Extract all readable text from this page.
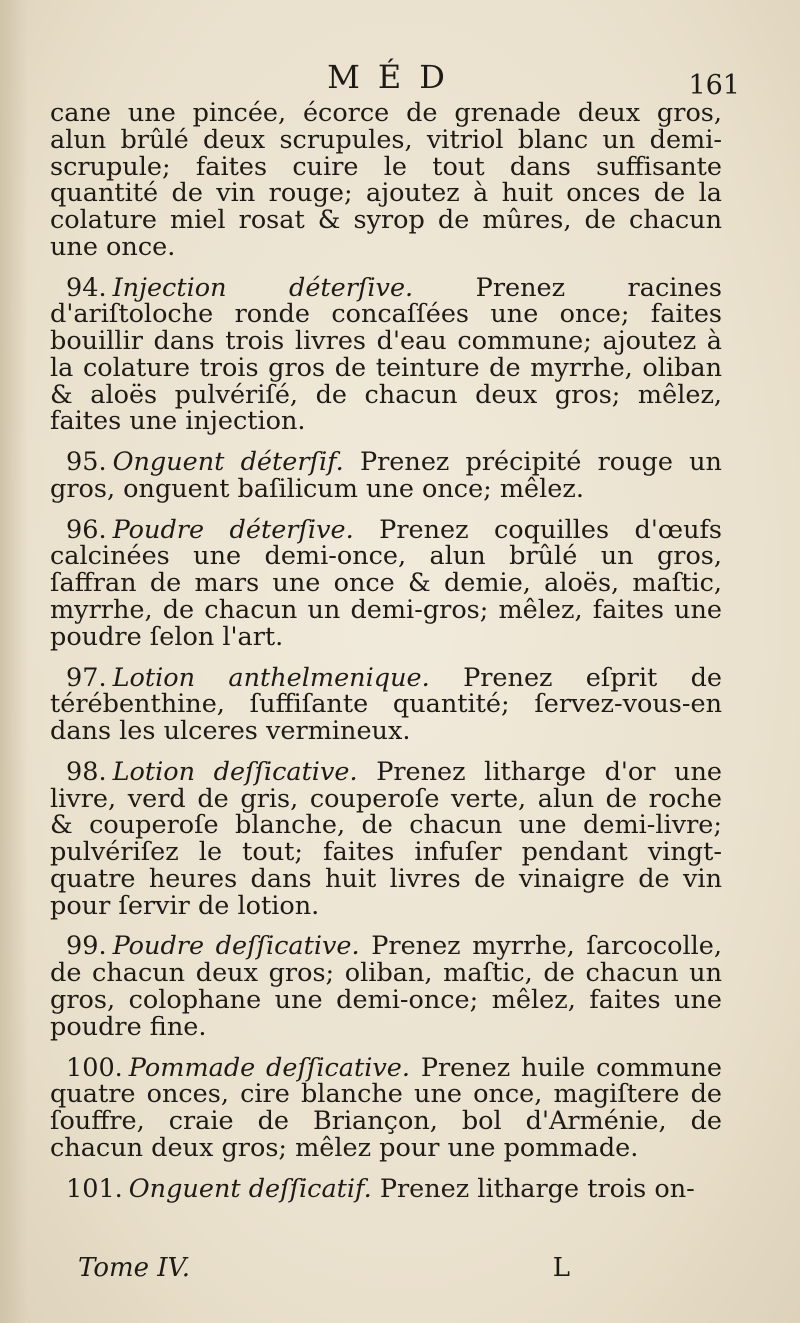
MÉD	161

cane une pincée, écorce de grenade deux gros, alun brûlé deux scrupules, vitriol blanc un demi-scrupule; faites cuire le tout dans suffisante quantité de vin rouge; ajoutez à huit onces de la colature miel rosat & syrop de mûres, de chacun une once.

94. Injection déterſive. Prenez racines d'ariſtoloche ronde concaſſées une once; faites bouillir dans trois livres d'eau commune; ajoutez à la colature trois gros de teinture de myrrhe, oliban & aloës pulvériſé, de chacun deux gros; mêlez, faites une injection.

95. Onguent déterſif. Prenez précipité rouge un gros, onguent baſilicum une once; mêlez.

96. Poudre déterſive. Prenez coquilles d'œufs calcinées une demi-once, alun brûlé un gros, ſaffran de mars une once & demie, aloës, maſtic, myrrhe, de chacun un demi-gros; mêlez, faites une poudre ſelon l'art.

97. Lotion anthelmenique. Prenez eſprit de térébenthine, ſuffiſante quantité; ſervez-vous-en dans les ulceres vermineux.

98. Lotion deſſicative. Prenez litharge d'or une livre, verd de gris, couperoſe verte, alun de roche & couperoſe blanche, de chacun une demi-livre; pulvériſez le tout; faites infuſer pendant vingt-quatre heures dans huit livres de vinaigre de vin pour ſervir de lotion.

99. Poudre deſſicative. Prenez myrrhe, ſarcocolle, de chacun deux gros; oliban, maſtic, de chacun un gros, colophane une demi-once; mêlez, faites une poudre fine.

100. Pommade deſſicative. Prenez huile commune quatre onces, cire blanche une once, magiſtere de ſouffre, craie de Briançon, bol d'Arménie, de chacun deux gros; mêlez pour une pommade.

101. Onguent deſſicatif. Prenez litharge trois on-

Tome IV.	L
